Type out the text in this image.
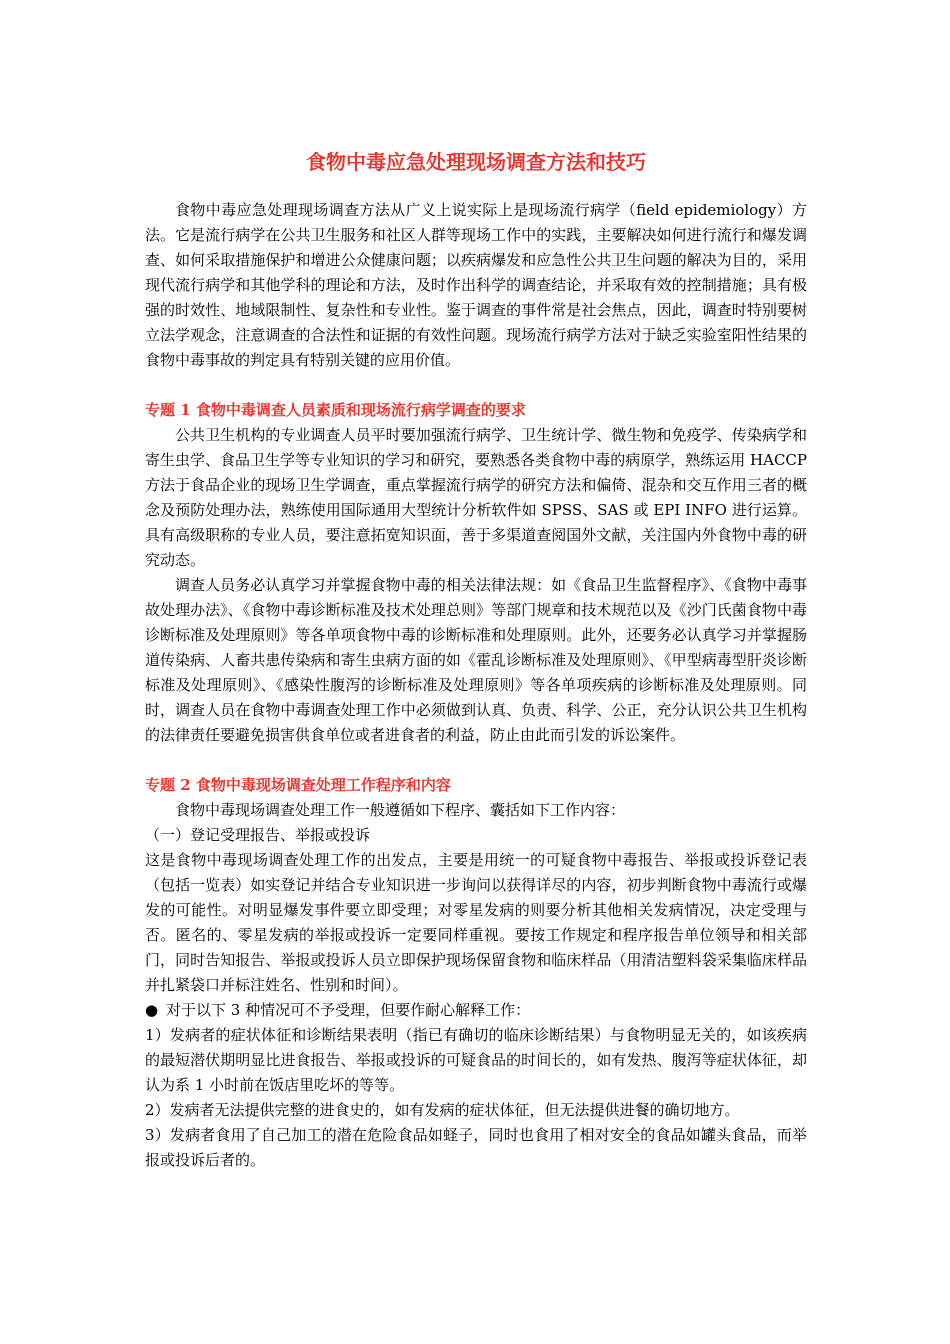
食物中毒应急处理现场调查方法和技巧

食物中毒应急处理现场调查方法从广义上说实际上是现场流行病学（field epidemiology）方法。它是流行病学在公共卫生服务和社区人群等现场工作中的实践，主要解决如何进行流行和爆发调查、如何采取措施保护和增进公众健康问题；以疾病爆发和应急性公共卫生问题的解决为目的，采用现代流行病学和其他学科的理论和方法，及时作出科学的调查结论，并采取有效的控制措施；具有极强的时效性、地域限制性、复杂性和专业性。鉴于调查的事件常是社会焦点，因此，调查时特别要树立法学观念，注意调查的合法性和证据的有效性问题。现场流行病学方法对于缺乏实验室阳性结果的食物中毒事故的判定具有特别关键的应用价值。

专题 1 食物中毒调查人员素质和现场流行病学调查的要求

公共卫生机构的专业调查人员平时要加强流行病学、卫生统计学、微生物和免疫学、传染病学和寄生虫学、食品卫生学等专业知识的学习和研究，要熟悉各类食物中毒的病原学，熟练运用 HACCP 方法于食品企业的现场卫生学调查，重点掌握流行病学的研究方法和偏倚、混杂和交互作用三者的概念及预防处理办法，熟练使用国际通用大型统计分析软件如 SPSS、SAS 或 EPI INFO 进行运算。具有高级职称的专业人员，要注意拓宽知识面，善于多渠道查阅国外文献，关注国内外食物中毒的研究动态。

调查人员务必认真学习并掌握食物中毒的相关法律法规：如《食品卫生监督程序》、《食物中毒事故处理办法》、《食物中毒诊断标准及技术处理总则》等部门规章和技术规范以及《沙门氏菌食物中毒诊断标准及处理原则》等各单项食物中毒的诊断标准和处理原则。此外，还要务必认真学习并掌握肠道传染病、人畜共患传染病和寄生虫病方面的如《霍乱诊断标准及处理原则》、《甲型病毒型肝炎诊断标准及处理原则》、《感染性腹泻的诊断标准及处理原则》等各单项疾病的诊断标准及处理原则。同时，调查人员在食物中毒调查处理工作中必须做到认真、负责、科学、公正，充分认识公共卫生机构的法律责任要避免损害供食单位或者进食者的利益，防止由此而引发的诉讼案件。

专题 2 食物中毒现场调查处理工作程序和内容

食物中毒现场调查处理工作一般遵循如下程序、囊括如下工作内容：

（一）登记受理报告、举报或投诉

这是食物中毒现场调查处理工作的出发点，主要是用统一的可疑食物中毒报告、举报或投诉登记表（包括一览表）如实登记并结合专业知识进一步询问以获得详尽的内容，初步判断食物中毒流行或爆发的可能性。对明显爆发事件要立即受理；对零星发病的则要分析其他相关发病情况，决定受理与否。匿名的、零星发病的举报或投诉一定要同样重视。要按工作规定和程序报告单位领导和相关部门，同时告知报告、举报或投诉人员立即保护现场保留食物和临床样品（用清洁塑料袋采集临床样品并扎紧袋口并标注姓名、性别和时间）。

● 对于以下 3 种情况可不予受理，但要作耐心解释工作：

1）发病者的症状体征和诊断结果表明（指已有确切的临床诊断结果）与食物明显无关的，如该疾病的最短潜伏期明显比进食报告、举报或投诉的可疑食品的时间长的，如有发热、腹泻等症状体征，却认为系 1 小时前在饭店里吃坏的等等。

2）发病者无法提供完整的进食史的，如有发病的症状体征，但无法提供进餐的确切地方。

3）发病者食用了自己加工的潜在危险食品如蛏子，同时也食用了相对安全的食品如罐头食品，而举报或投诉后者的。
